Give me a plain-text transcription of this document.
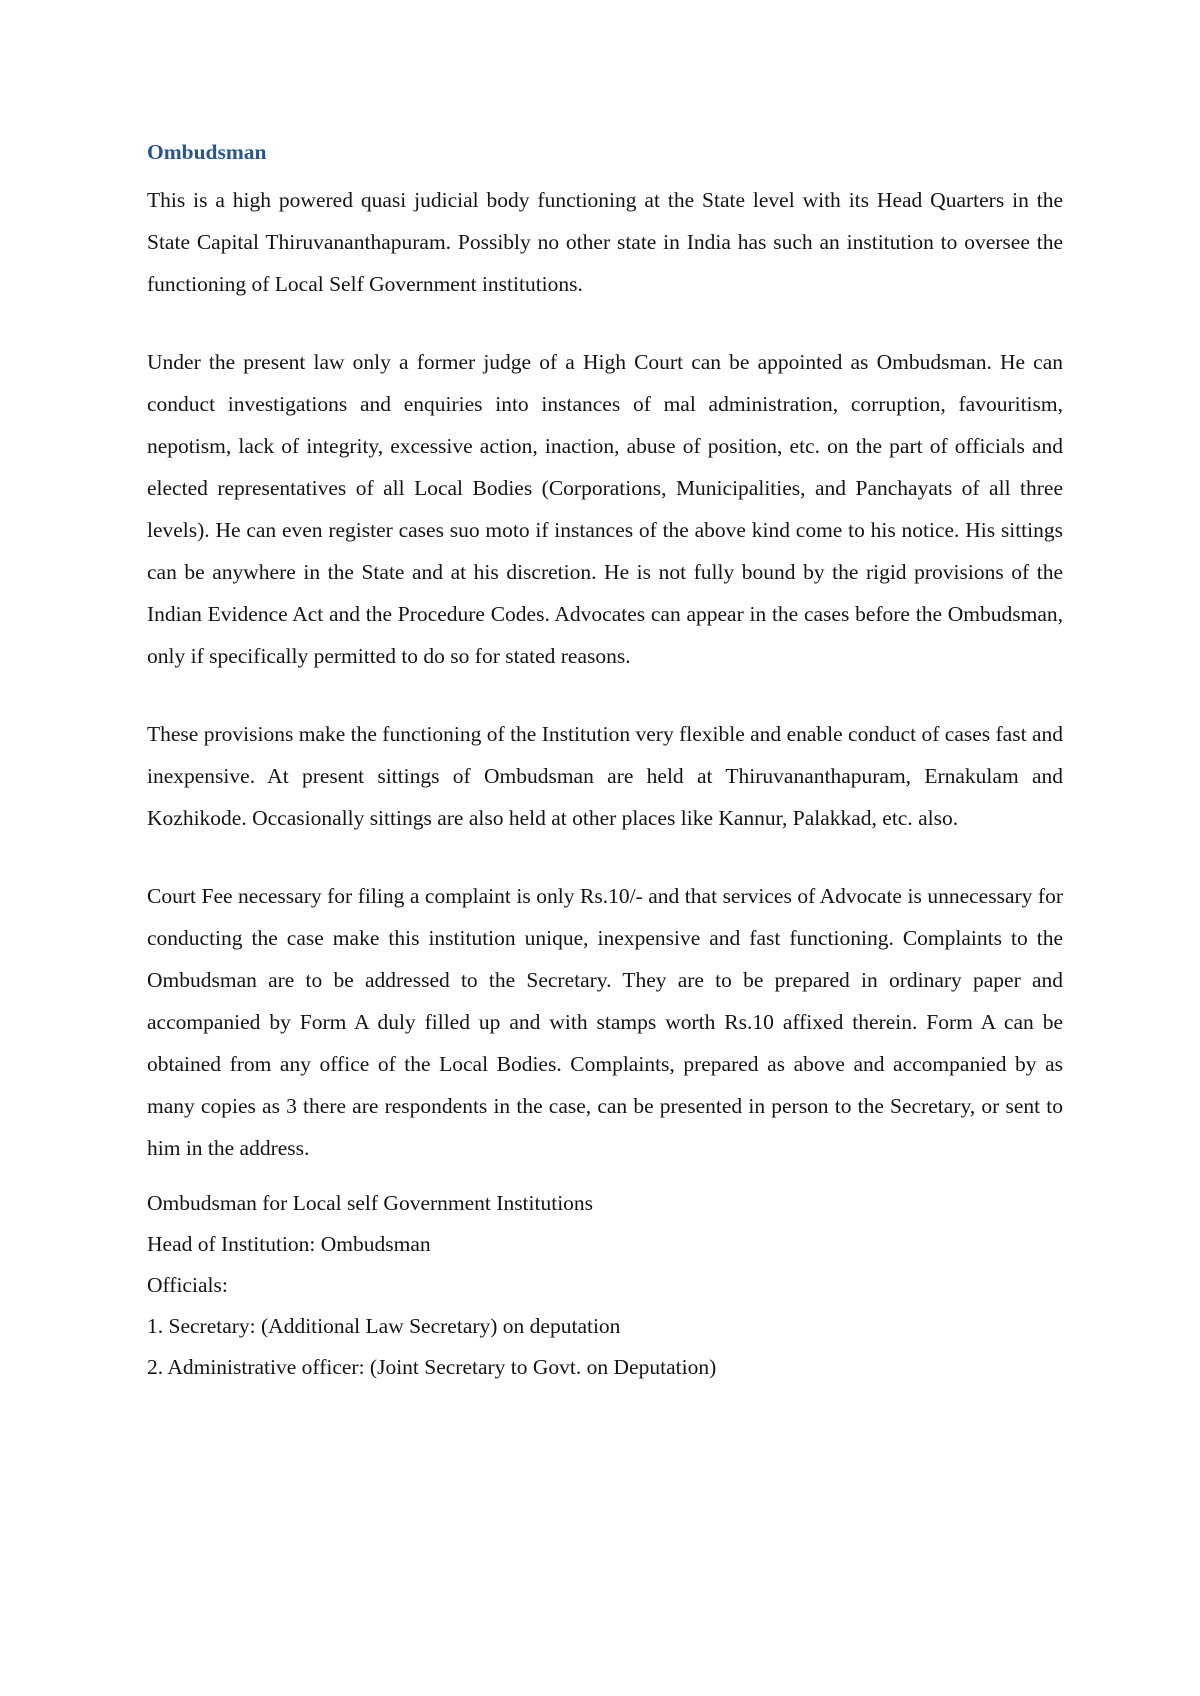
Ombudsman

This is a high powered quasi judicial body functioning at the State level with its Head Quarters in the State Capital Thiruvananthapuram. Possibly no other state in India has such an institution to oversee the functioning of Local Self Government institutions.

Under the present law only a former judge of a High Court can be appointed as Ombudsman. He can conduct investigations and enquiries into instances of mal administration, corruption, favouritism, nepotism, lack of integrity, excessive action, inaction, abuse of position, etc. on the part of officials and elected representatives of all Local Bodies (Corporations, Municipalities, and Panchayats of all three levels). He can even register cases suo moto if instances of the above kind come to his notice. His sittings can be anywhere in the State and at his discretion. He is not fully bound by the rigid provisions of the Indian Evidence Act and the Procedure Codes. Advocates can appear in the cases before the Ombudsman, only if specifically permitted to do so for stated reasons.

These provisions make the functioning of the Institution very flexible and enable conduct of cases fast and inexpensive. At present sittings of Ombudsman are held at Thiruvananthapuram, Ernakulam and Kozhikode. Occasionally sittings are also held at other places like Kannur, Palakkad, etc. also.

Court Fee necessary for filing a complaint is only Rs.10/- and that services of Advocate is unnecessary for conducting the case make this institution unique, inexpensive and fast functioning. Complaints to the Ombudsman are to be addressed to the Secretary. They are to be prepared in ordinary paper and accompanied by Form A duly filled up and with stamps worth Rs.10 affixed therein. Form A can be obtained from any office of the Local Bodies. Complaints, prepared as above and accompanied by as many copies as 3 there are respondents in the case, can be presented in person to the Secretary, or sent to him in the address.

Ombudsman for Local self Government Institutions

Head of Institution: Ombudsman

Officials:

1. Secretary: (Additional Law Secretary) on deputation

2. Administrative officer: (Joint Secretary to Govt. on Deputation)
